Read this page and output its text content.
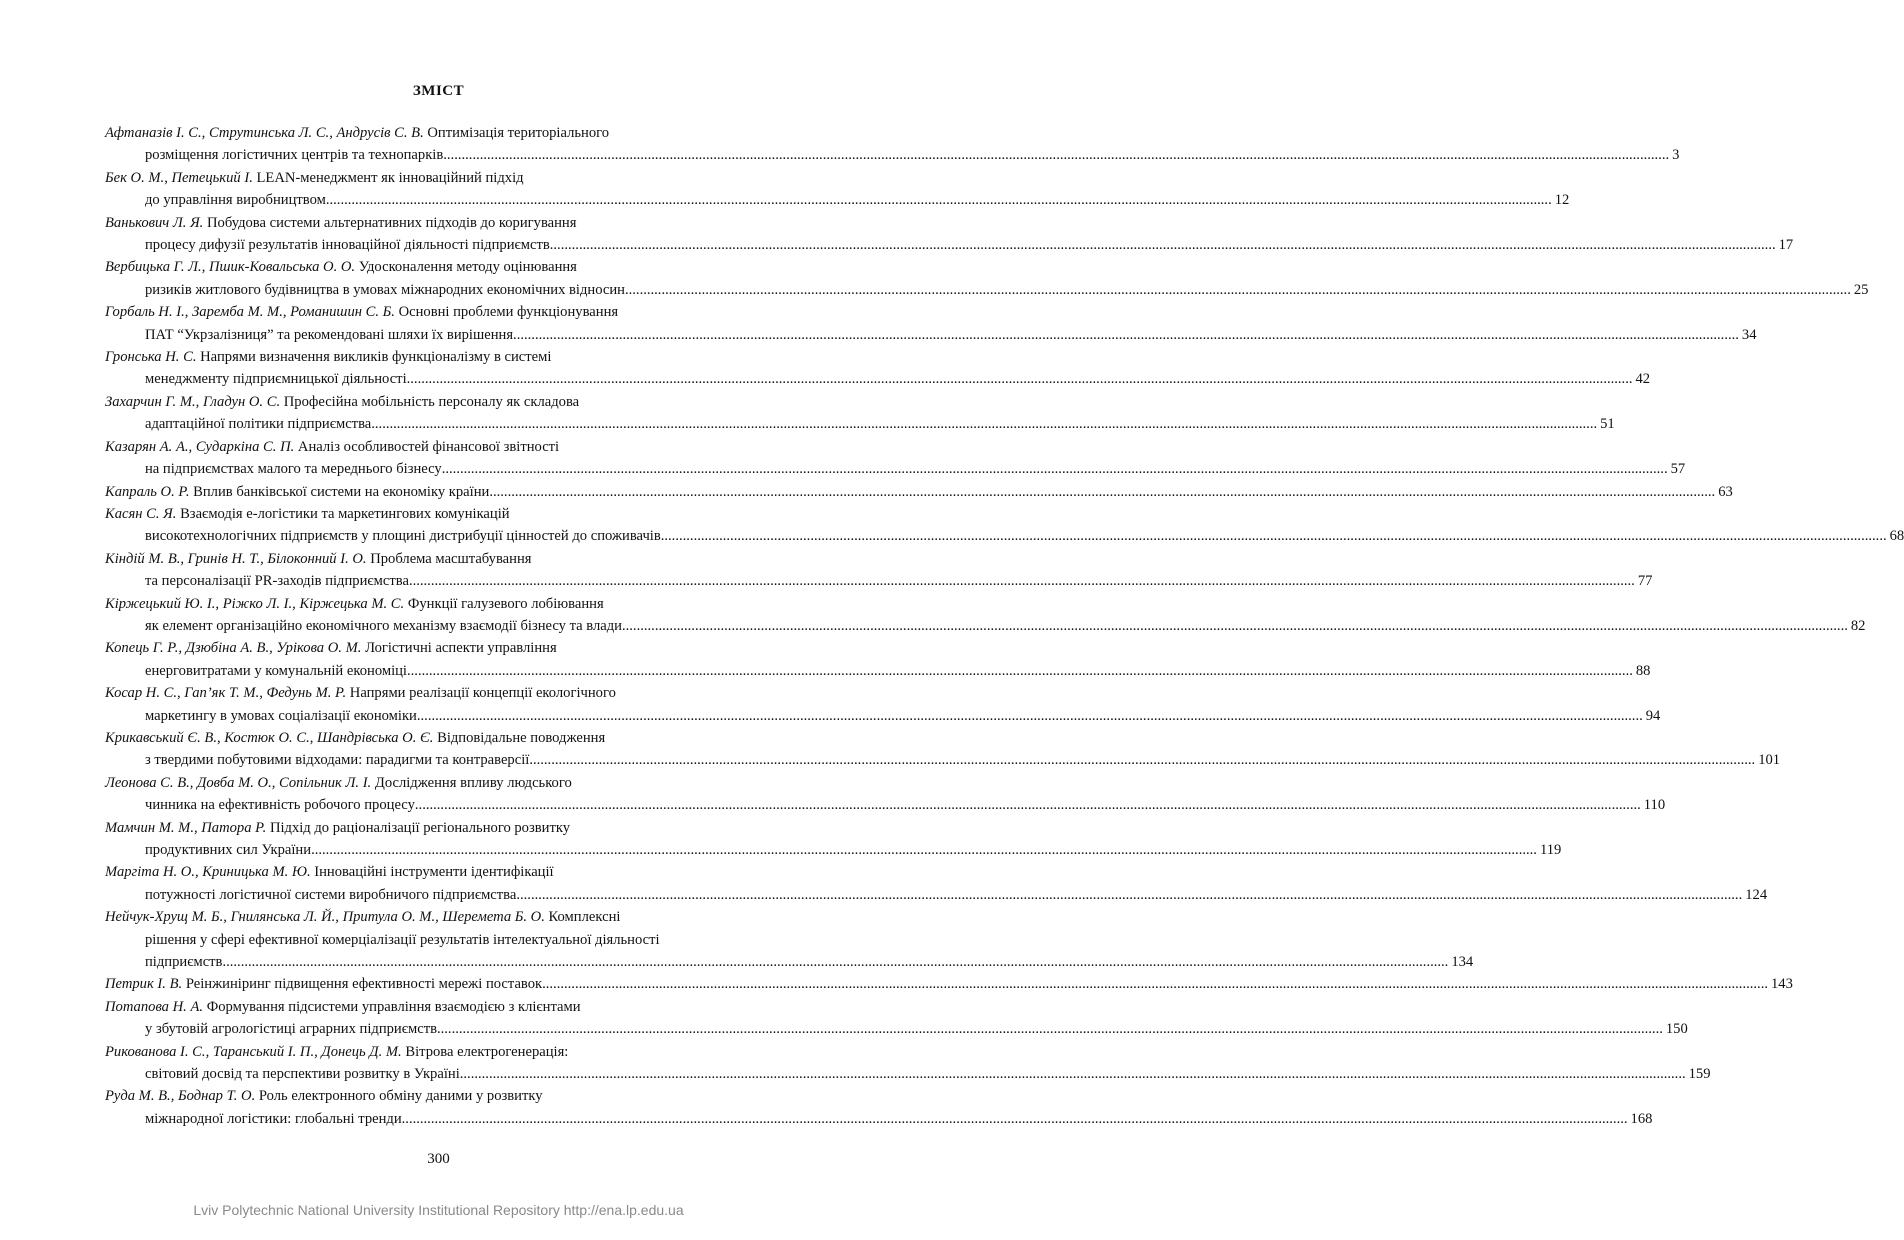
ЗМІСТ
Афтаназів І. С., Струтинська Л. С., Андрусів С. В. Оптимізація територіального
розміщення логістичних центрів та технопарків .....	3
Бек О. М., Петецький І. LEAN-менеджмент як інноваційний підхід
до управління виробництвом .....	12
Ванькович Л. Я. Побудова системи альтернативних підходів до коригування
процесу дифузії результатів інноваційної діяльності підприємств .....	17
Вербицька Г. Л., Пшик-Ковальська О. О. Удосконалення методу оцінювання
ризиків житлового будівництва в умовах міжнародних економічних відносин .....	25
Горбаль Н. І., Заремба М. М., Романишин С. Б. Основні проблеми функціонування
ПАТ “Укрзалізниця” та рекомендовані шляхи їх вирішення .....	34
Гронська Н. С. Напрями визначення викликів функціоналізму в системі
менеджменту підприємницької діяльності .....	42
Захарчин Г. М., Гладун О. С. Професійна мобільність персоналу як складова
адаптаційної політики підприємства .....	51
Казарян А. А., Сударкіна С. П. Аналіз особливостей фінансової звітності
на підприємствах малого та мереднього бізнесу .....	57
Капраль О. Р. Вплив банківської системи на економіку країни .....	63
Касян С. Я. Взаємодія е-логістики та маркетингових комунікацій
високотехнологічних підприємств у площині дистрибуції цінностей до споживачів .....	68
Кіндій М. В., Гринів Н. Т., Білоконний І. О. Проблема масштабування
та персоналізації PR-заходів підприємства .....	77
Кіржецький Ю. І., Ріжко Л. І., Кіржецька М. С. Функції галузевого лобіювання
як елемент організаційно економічного механізму взаємодії бізнесу та влади .....	82
Копець Г. Р., Дзюбіна А. В., Урікова О. М. Логістичні аспекти управління
енерговитратами у комунальній економіці .....	88
Косар Н. С., Гап’як Т. М., Федунь М. Р. Напрями реалізації концепції екологічного
маркетингу в умовах соціалізації економіки .....	94
Крикавський Є. В., Костюк О. С., Шандрівська О. Є. Відповідальне поводження
з твердими побутовими відходами: парадигми та контраверсії .....	101
Леонова С. В., Довба М. О., Сопільник Л. І. Дослідження впливу людського
чинника на ефективність робочого процесу .....	110
Мамчин М. М., Патора Р. Підхід до раціоналізації регіонального розвитку
продуктивних сил України .....	119
Маргіта Н. О., Криницька М. Ю. Інноваційні інструменти ідентифікації
потужності логістичної системи виробничого підприємства .....	124
Нейчук-Хрущ М. Б., Гнилянська Л. Й., Притула О. М., Шеремета Б. О. Комплексні
рішення у сфері ефективної комерціалізації результатів інтелектуальної діяльності
підприємств .....	134
Петрик І. В. Реінжиніринг підвищення ефективності мережі поставок .....	143
Потапова Н. А. Формування підсистеми управління взаємодією з клієнтами
у збутовій агрологістиці аграрних підприємств .....	150
Рикованова І. С., Таранський І. П., Донець Д. М. Вітрова електрогенерація:
світовий досвід та перспективи розвитку в Україні .....	159
Руда М. В., Боднар Т. О. Роль електронного обміну даними у розвитку
міжнародної логістики: глобальні тренди .....	168
300
Lviv Polytechnic National University Institutional Repository http://ena.lp.edu.ua
